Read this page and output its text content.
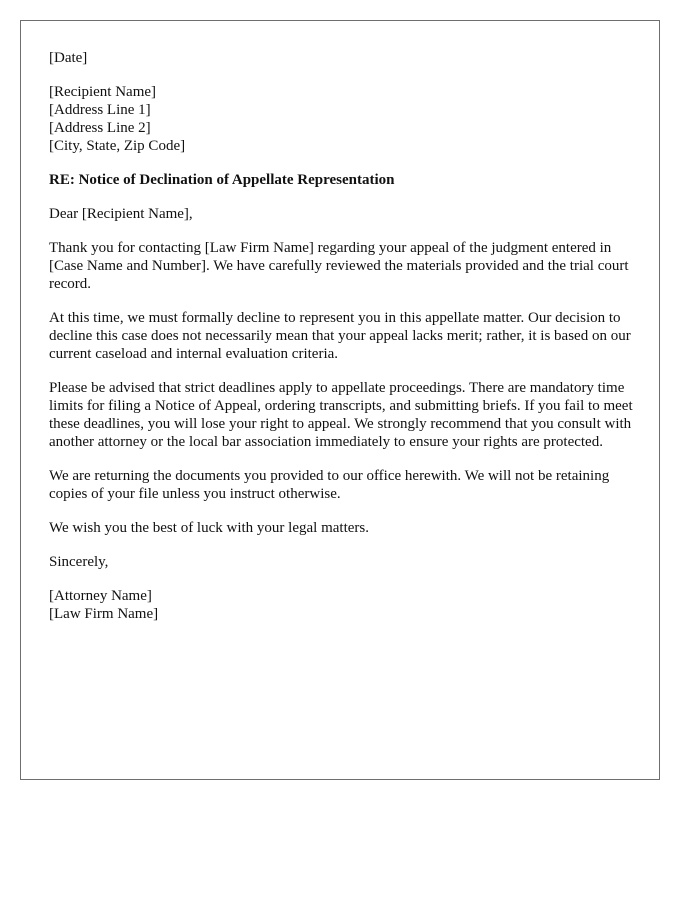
[Date]

[Recipient Name]
[Address Line 1]
[Address Line 2]
[City, State, Zip Code]

RE: Notice of Declination of Appellate Representation

Dear [Recipient Name],

Thank you for contacting [Law Firm Name] regarding your appeal of the judgment entered in [Case Name and Number]. We have carefully reviewed the materials provided and the trial court record.

At this time, we must formally decline to represent you in this appellate matter. Our decision to decline this case does not necessarily mean that your appeal lacks merit; rather, it is based on our current caseload and internal evaluation criteria.

Please be advised that strict deadlines apply to appellate proceedings. There are mandatory time limits for filing a Notice of Appeal, ordering transcripts, and submitting briefs. If you fail to meet these deadlines, you will lose your right to appeal. We strongly recommend that you consult with another attorney or the local bar association immediately to ensure your rights are protected.

We are returning the documents you provided to our office herewith. We will not be retaining copies of your file unless you instruct otherwise.

We wish you the best of luck with your legal matters.

Sincerely,

[Attorney Name]
[Law Firm Name]
